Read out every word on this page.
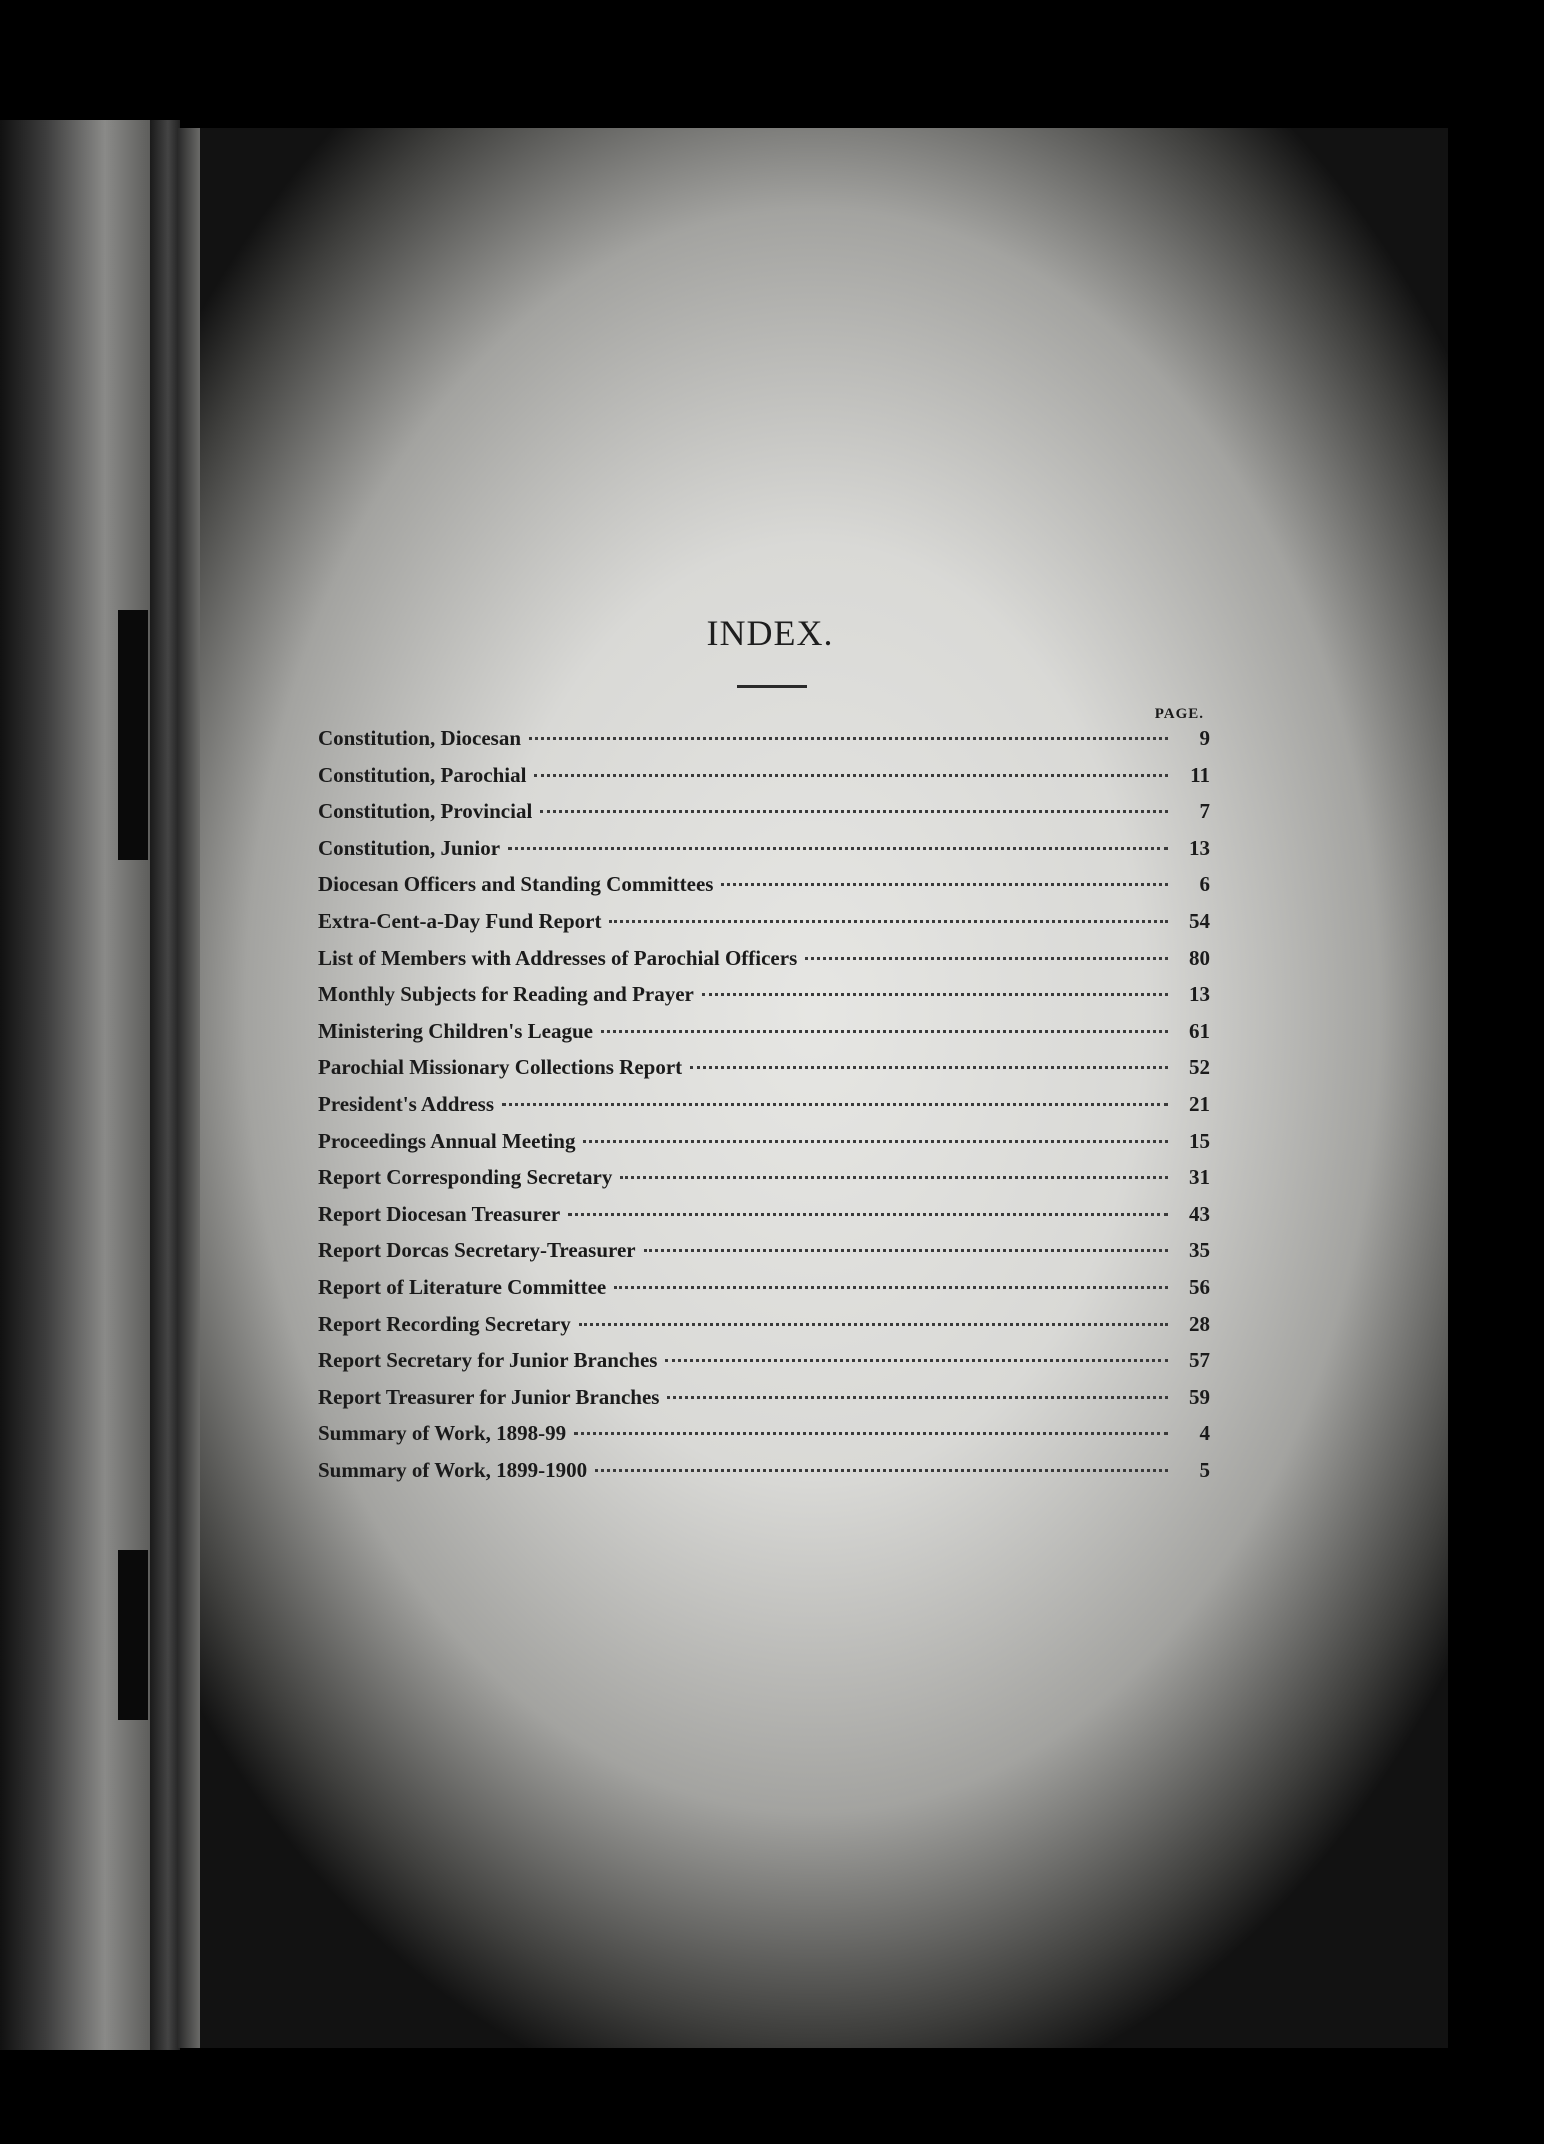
INDEX.
PAGE.
Constitution, Diocesan	9
Constitution, Parochial	11
Constitution, Provincial	7
Constitution, Junior	13
Diocesan Officers and Standing Committees	6
Extra-Cent-a-Day Fund Report	54
List of Members with Addresses of Parochial Officers	80
Monthly Subjects for Reading and Prayer	13
Ministering Children's League	61
Parochial Missionary Collections Report	52
President's Address	21
Proceedings Annual Meeting	15
Report Corresponding Secretary	31
Report Diocesan Treasurer	43
Report Dorcas Secretary-Treasurer	35
Report of Literature Committee	56
Report Recording Secretary	28
Report Secretary for Junior Branches	57
Report Treasurer for Junior Branches	59
Summary of Work, 1898-99	4
Summary of Work, 1899-1900	5
